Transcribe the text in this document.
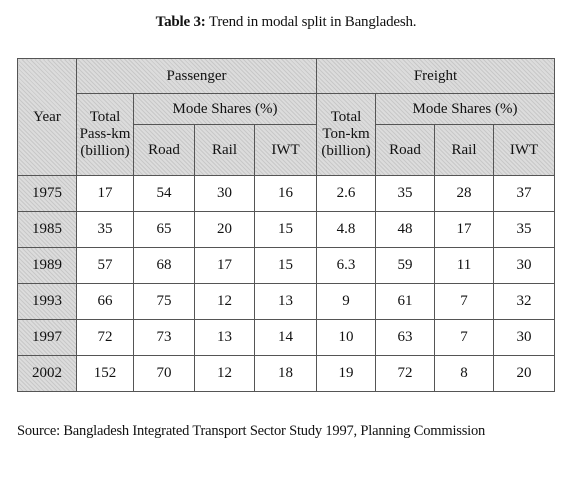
Table 3: Trend in modal split in Bangladesh.
Year	Passenger				Freight			
	Total
Pass-km
(billion)	Mode Shares (%)			Total
Ton-km
(billion)	Mode Shares (%)		
		Road	Rail	IWT		Road	Rail	IWT
1975	17	54	30	16	2.6	35	28	37
1985	35	65	20	15	4.8	48	17	35
1989	57	68	17	15	6.3	59	11	30
1993	66	75	12	13	9	61	7	32
1997	72	73	13	14	10	63	7	30
2002	152	70	12	18	19	72	8	20
Source: Bangladesh Integrated Transport Sector Study 1997, Planning Commission
